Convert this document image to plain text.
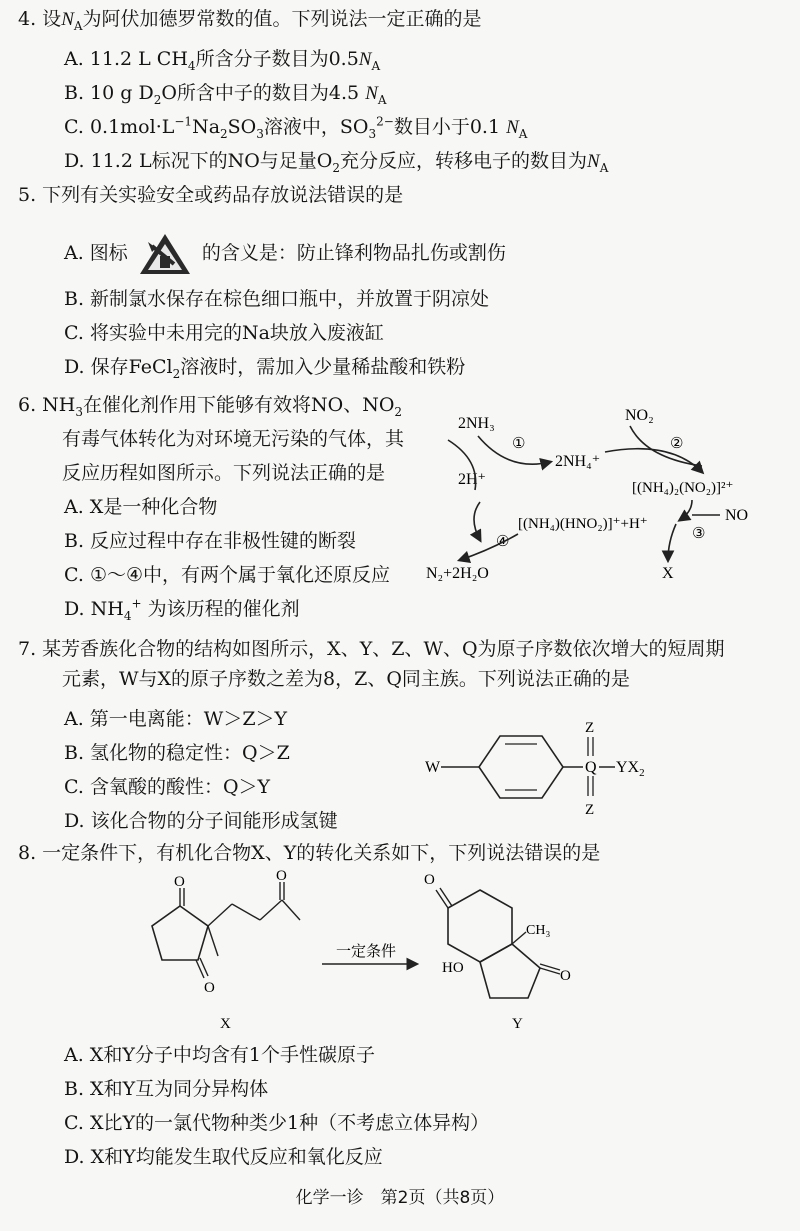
4. 设$N_A$为阿伏加德罗常数的值。下列说法一定正确的是
A. 11.2 L $CH_4$所含分子数目为$0.5N_A$
B. 10 g $D_2O$所含中子的数目为4.5 $N_A$
C. $0.1mol\cdot L^{-1}Na_2SO_3$溶液中，$SO_3^{2-}$数目小于0.1 $N_A$
D. 11.2 L标况下的NO与足量$O_2$充分反应，转移电子的数目为$N_A$
5. 下列有关实验安全或药品存放说法错误的是
A. 图标	的含义是：防止锋利物品扎伤或割伤
B. 新制氯水保存在棕色细口瓶中，并放置于阴凉处
C. 将实验中未用完的Na块放入废液缸
D. 保存FeCl$_2$溶液时，需加入少量稀盐酸和铁粉
6. $NH_3$在催化剂作用下能够有效将NO、$NO_2$
有毒气体转化为对环境无污染的气体，其
反应历程如图所示。下列说法正确的是
A. X是一种化合物
B. 反应过程中存在非极性键的断裂
C. ①～④中，有两个属于氧化还原反应
D. $NH_4^+$ 为该历程的催化剂
2NH₃
①
2NH₄⁺
NO₂
②
2H⁺	[(NH₄)₂(NO₂)]²⁺
[(NH₄)(HNO₂)]⁺+H⁺	NO
③
X
④
N₂+2H₂O
7. 某芳香族化合物的结构如图所示，X、Y、Z、W、Q为原子序数依次增大的短周期
元素，W与X的原子序数之差为8，Z、Q同主族。下列说法正确的是
A. 第一电离能：W＞Z＞Y
B. 氢化物的稳定性：Q＞Z
C. 含氧酸的酸性：Q＞Y
D. 该化合物的分子间能形成氢键
W	Q
Z
Z
$YX_2$
8. 一定条件下，有机化合物X、Y的转化关系如下，下列说法错误的是
O
O
O
X
一定条件
O
CH₃
HO	O
Y
A. X和Y分子中均含有1个手性碳原子
B. X和Y互为同分异构体
C. X比Y的一氯代物种类少1种（不考虑立体异构）
D. X和Y均能发生取代反应和氧化反应
化学一诊　第2页（共8页）
